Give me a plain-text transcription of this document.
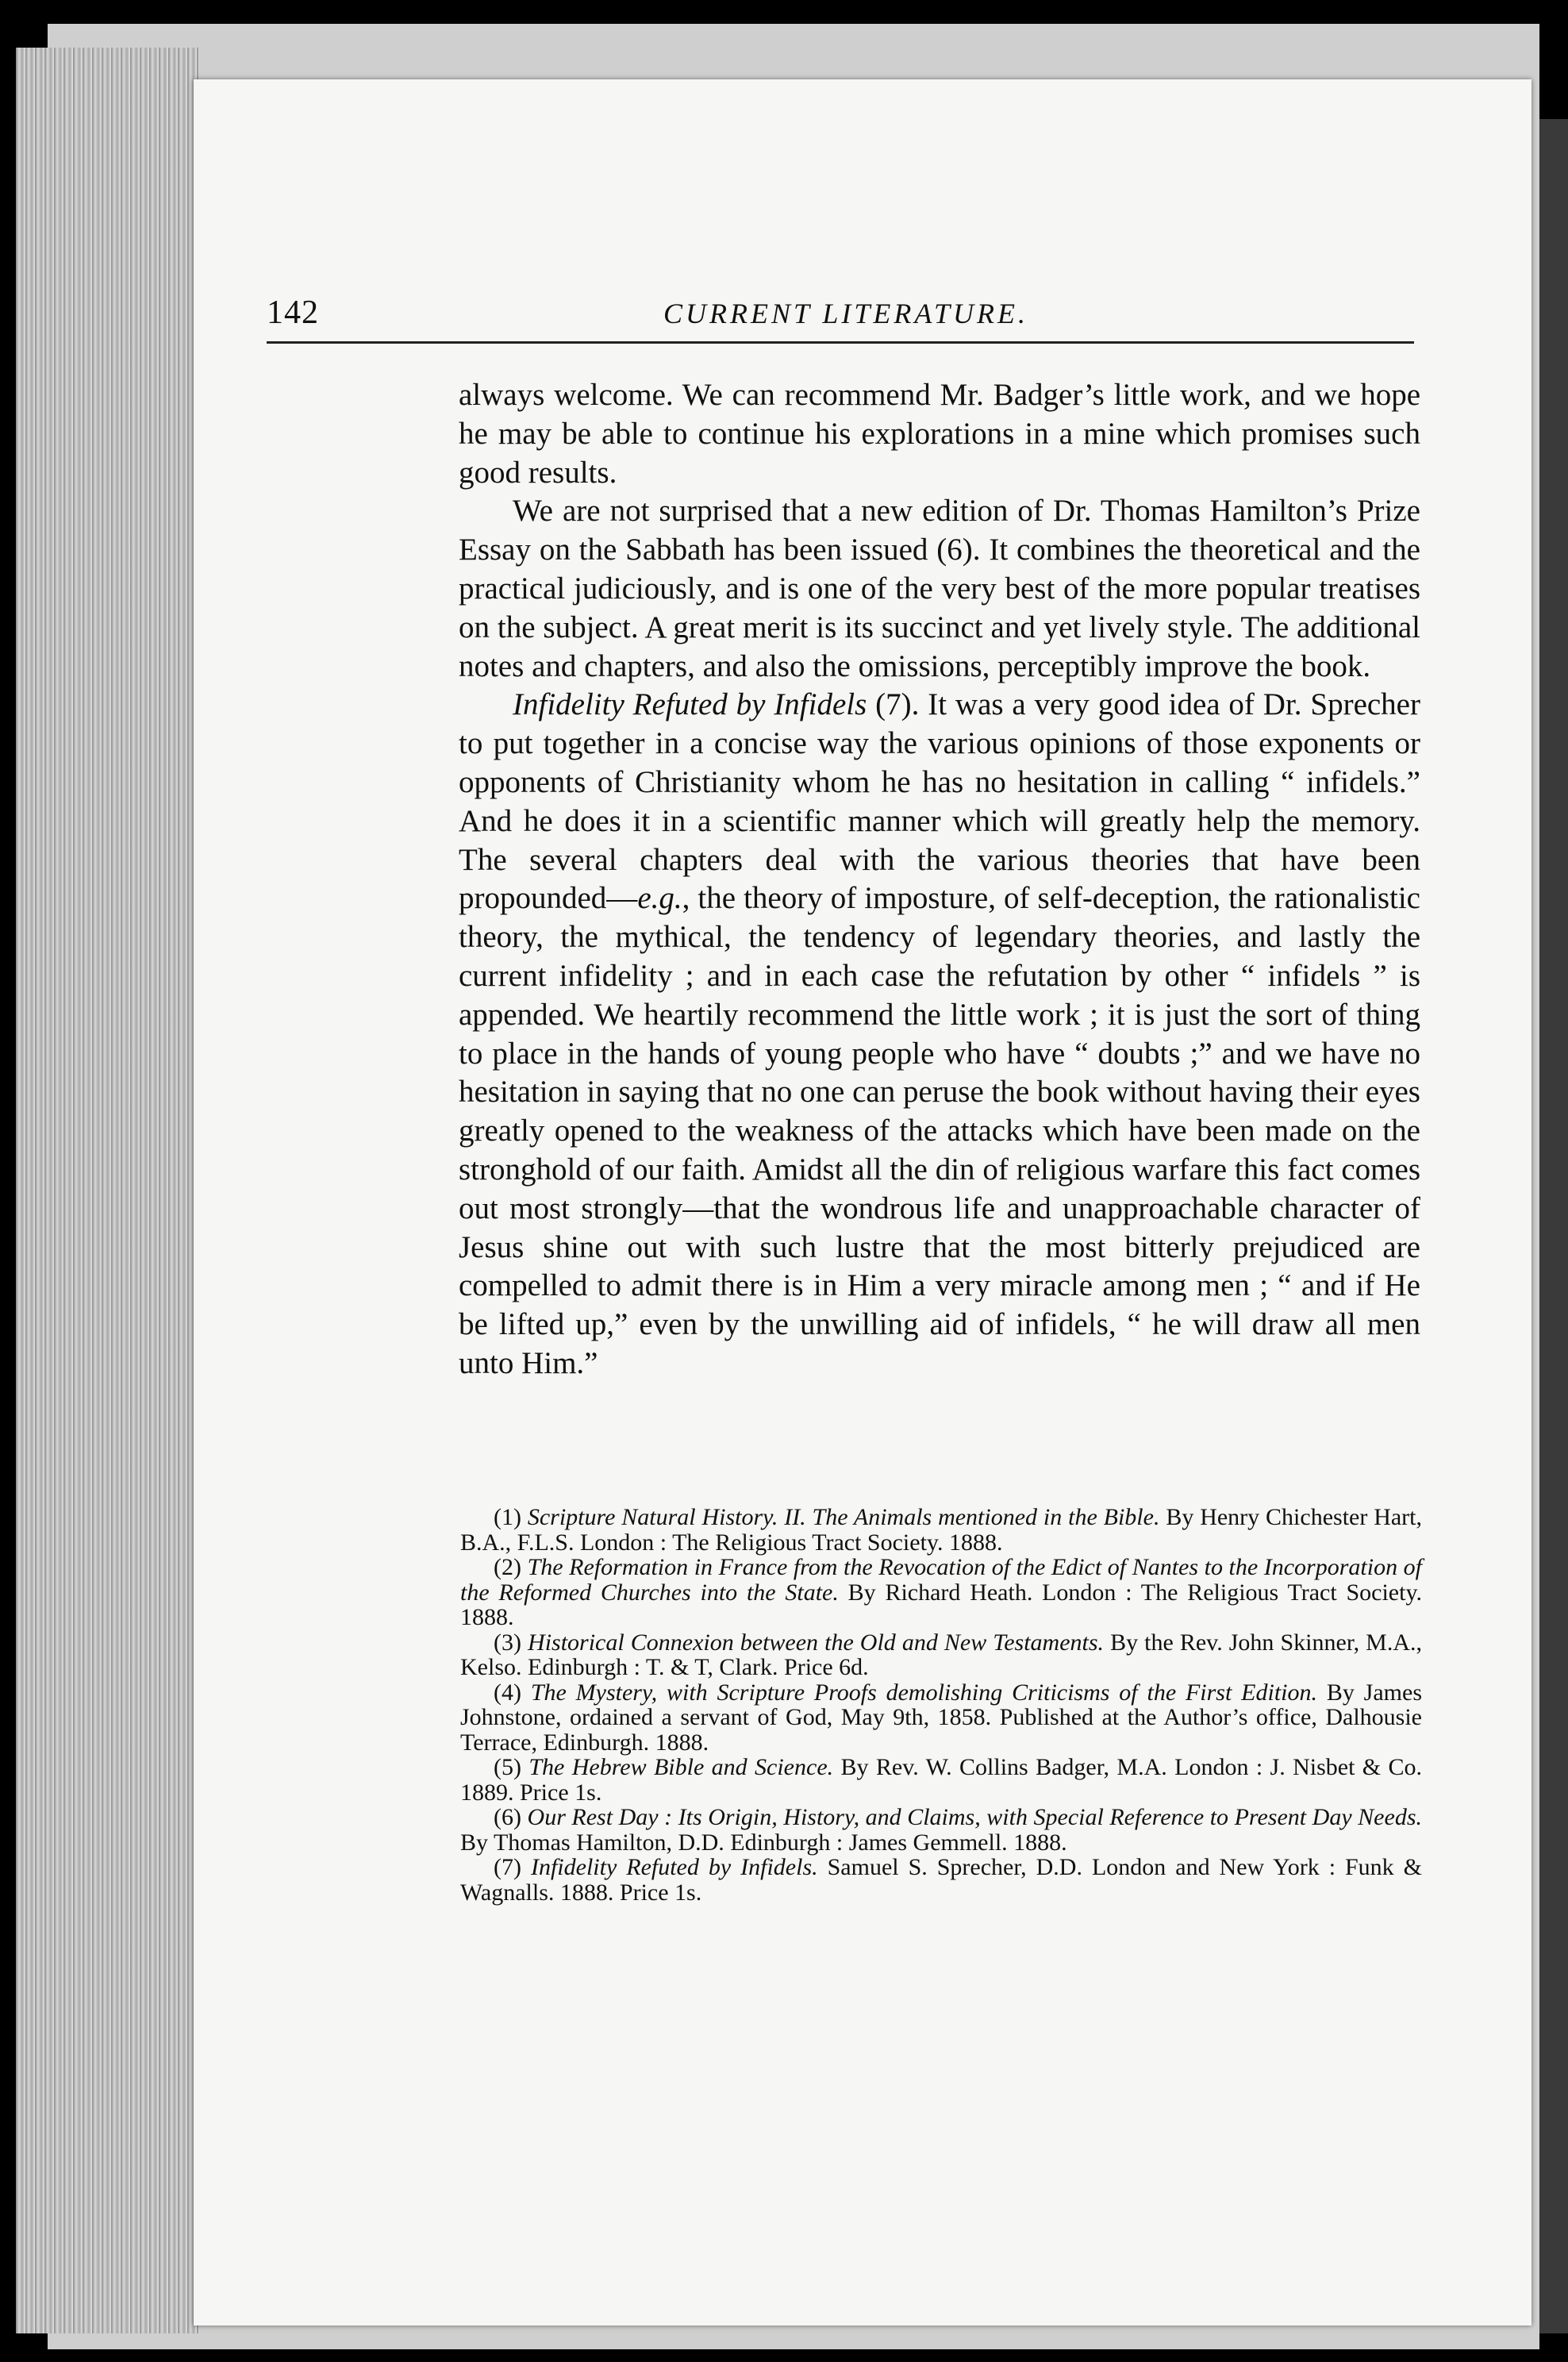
142	CURRENT LITERATURE.

always welcome. We can recommend Mr. Badger’s little work, and we hope he may be able to continue his explorations in a mine which promises such good results.

We are not surprised that a new edition of Dr. Thomas Hamilton’s Prize Essay on the Sabbath has been issued (6). It combines the theoretical and the practical judiciously, and is one of the very best of the more popular treatises on the subject. A great merit is its succinct and yet lively style. The additional notes and chapters, and also the omissions, perceptibly improve the book.

Infidelity Refuted by Infidels (7). It was a very good idea of Dr. Sprecher to put together in a concise way the various opinions of those exponents or opponents of Christianity whom he has no hesitation in calling “ infidels.” And he does it in a scientific manner which will greatly help the memory. The several chapters deal with the various theories that have been propounded—e.g., the theory of imposture, of self-deception, the rationalistic theory, the mythical, the tendency of legendary theories, and lastly the current infidelity ; and in each case the refutation by other “ infidels ” is appended. We heartily recommend the little work ; it is just the sort of thing to place in the hands of young people who have “ doubts ;” and we have no hesitation in saying that no one can peruse the book without having their eyes greatly opened to the weakness of the attacks which have been made on the stronghold of our faith. Amidst all the din of religious warfare this fact comes out most strongly—that the wondrous life and unapproachable character of Jesus shine out with such lustre that the most bitterly prejudiced are compelled to admit there is in Him a very miracle among men ; “ and if He be lifted up,” even by the unwilling aid of infidels, “ he will draw all men unto Him.”

(1) Scripture Natural History. II. The Animals mentioned in the Bible. By Henry Chichester Hart, B.A., F.L.S. London : The Religious Tract Society. 1888.

(2) The Reformation in France from the Revocation of the Edict of Nantes to the Incorporation of the Reformed Churches into the State. By Richard Heath. London : The Religious Tract Society. 1888.

(3) Historical Connexion between the Old and New Testaments. By the Rev. John Skinner, M.A., Kelso. Edinburgh : T. & T, Clark. Price 6d.

(4) The Mystery, with Scripture Proofs demolishing Criticisms of the First Edition. By James Johnstone, ordained a servant of God, May 9th, 1858. Published at the Author’s office, Dalhousie Terrace, Edinburgh. 1888.

(5) The Hebrew Bible and Science. By Rev. W. Collins Badger, M.A. London : J. Nisbet & Co. 1889. Price 1s.

(6) Our Rest Day : Its Origin, History, and Claims, with Special Reference to Present Day Needs. By Thomas Hamilton, D.D. Edinburgh : James Gemmell. 1888.

(7) Infidelity Refuted by Infidels. Samuel S. Sprecher, D.D. London and New York : Funk & Wagnalls. 1888. Price 1s.
